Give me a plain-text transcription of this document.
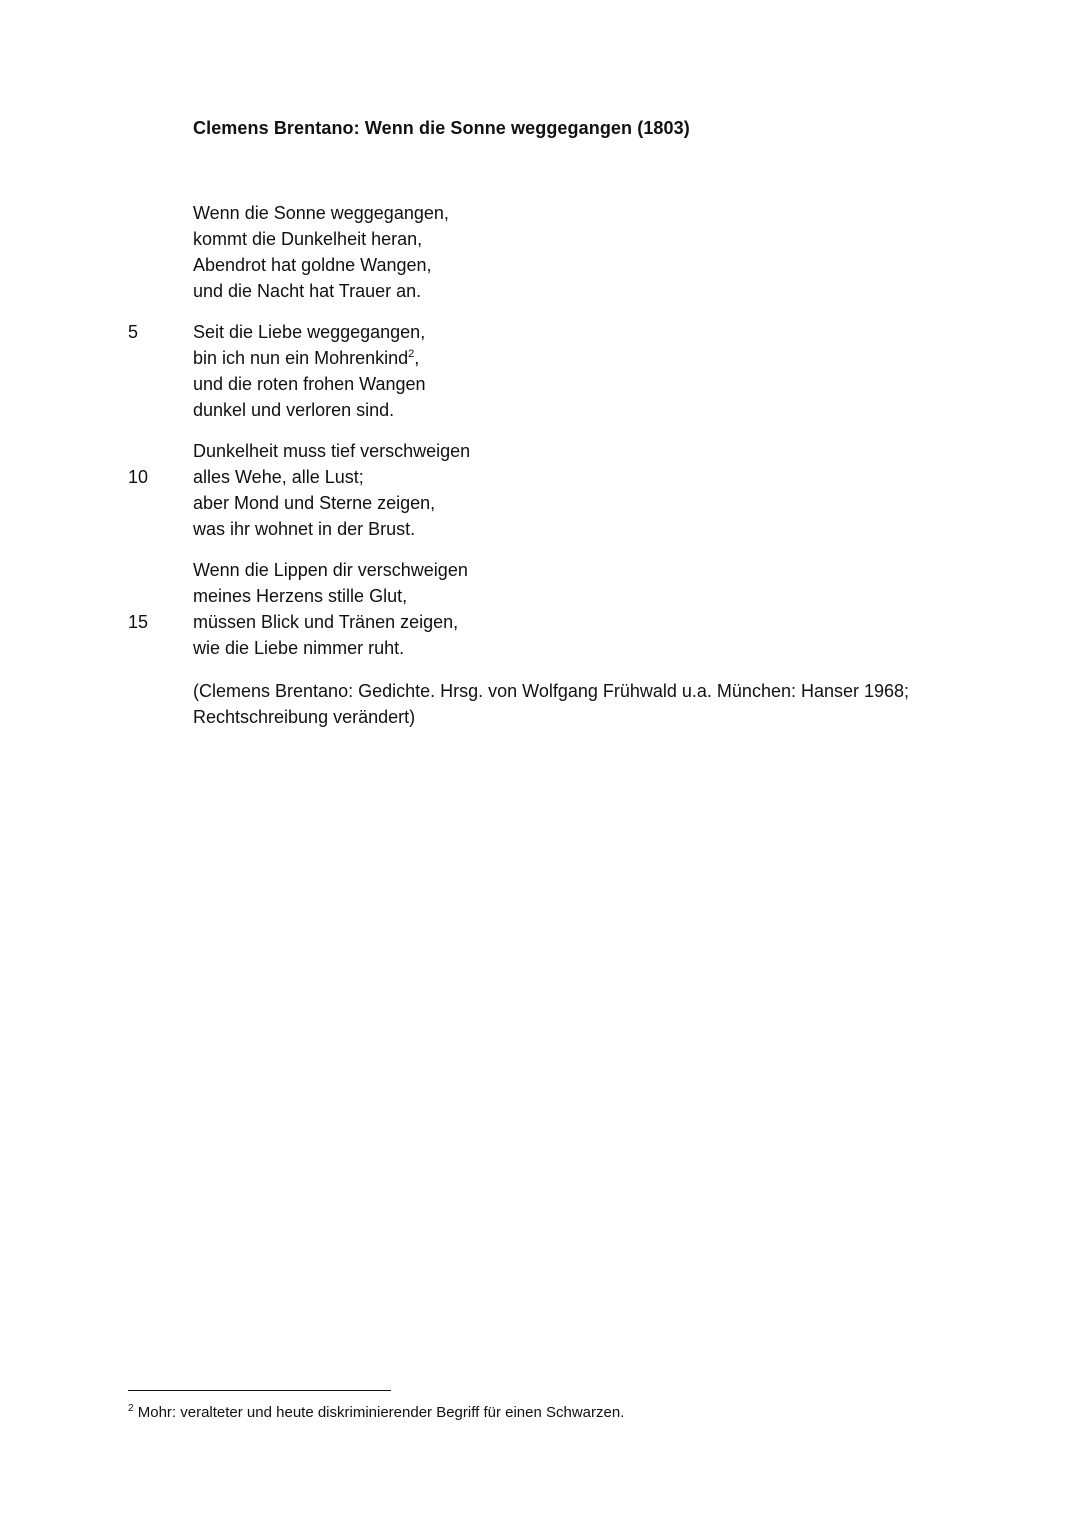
Clemens Brentano: Wenn die Sonne weggegangen (1803)
Wenn die Sonne weggegangen,
kommt die Dunkelheit heran,
Abendrot hat goldne Wangen,
und die Nacht hat Trauer an.
5	Seit die Liebe weggegangen,
bin ich nun ein Mohrenkind$^2$,
und die roten frohen Wangen
dunkel und verloren sind.
Dunkelheit muss tief verschweigen
10	alles Wehe, alle Lust;
aber Mond und Sterne zeigen,
was ihr wohnet in der Brust.
Wenn die Lippen dir verschweigen
meines Herzens stille Glut,
15	müssen Blick und Tränen zeigen,
wie die Liebe nimmer ruht.
(Clemens Brentano: Gedichte. Hrsg. von Wolfgang Frühwald u.a. München: Hanser 1968;
Rechtschreibung verändert)
$^2$ Mohr: veralteter und heute diskriminierender Begriff für einen Schwarzen.
